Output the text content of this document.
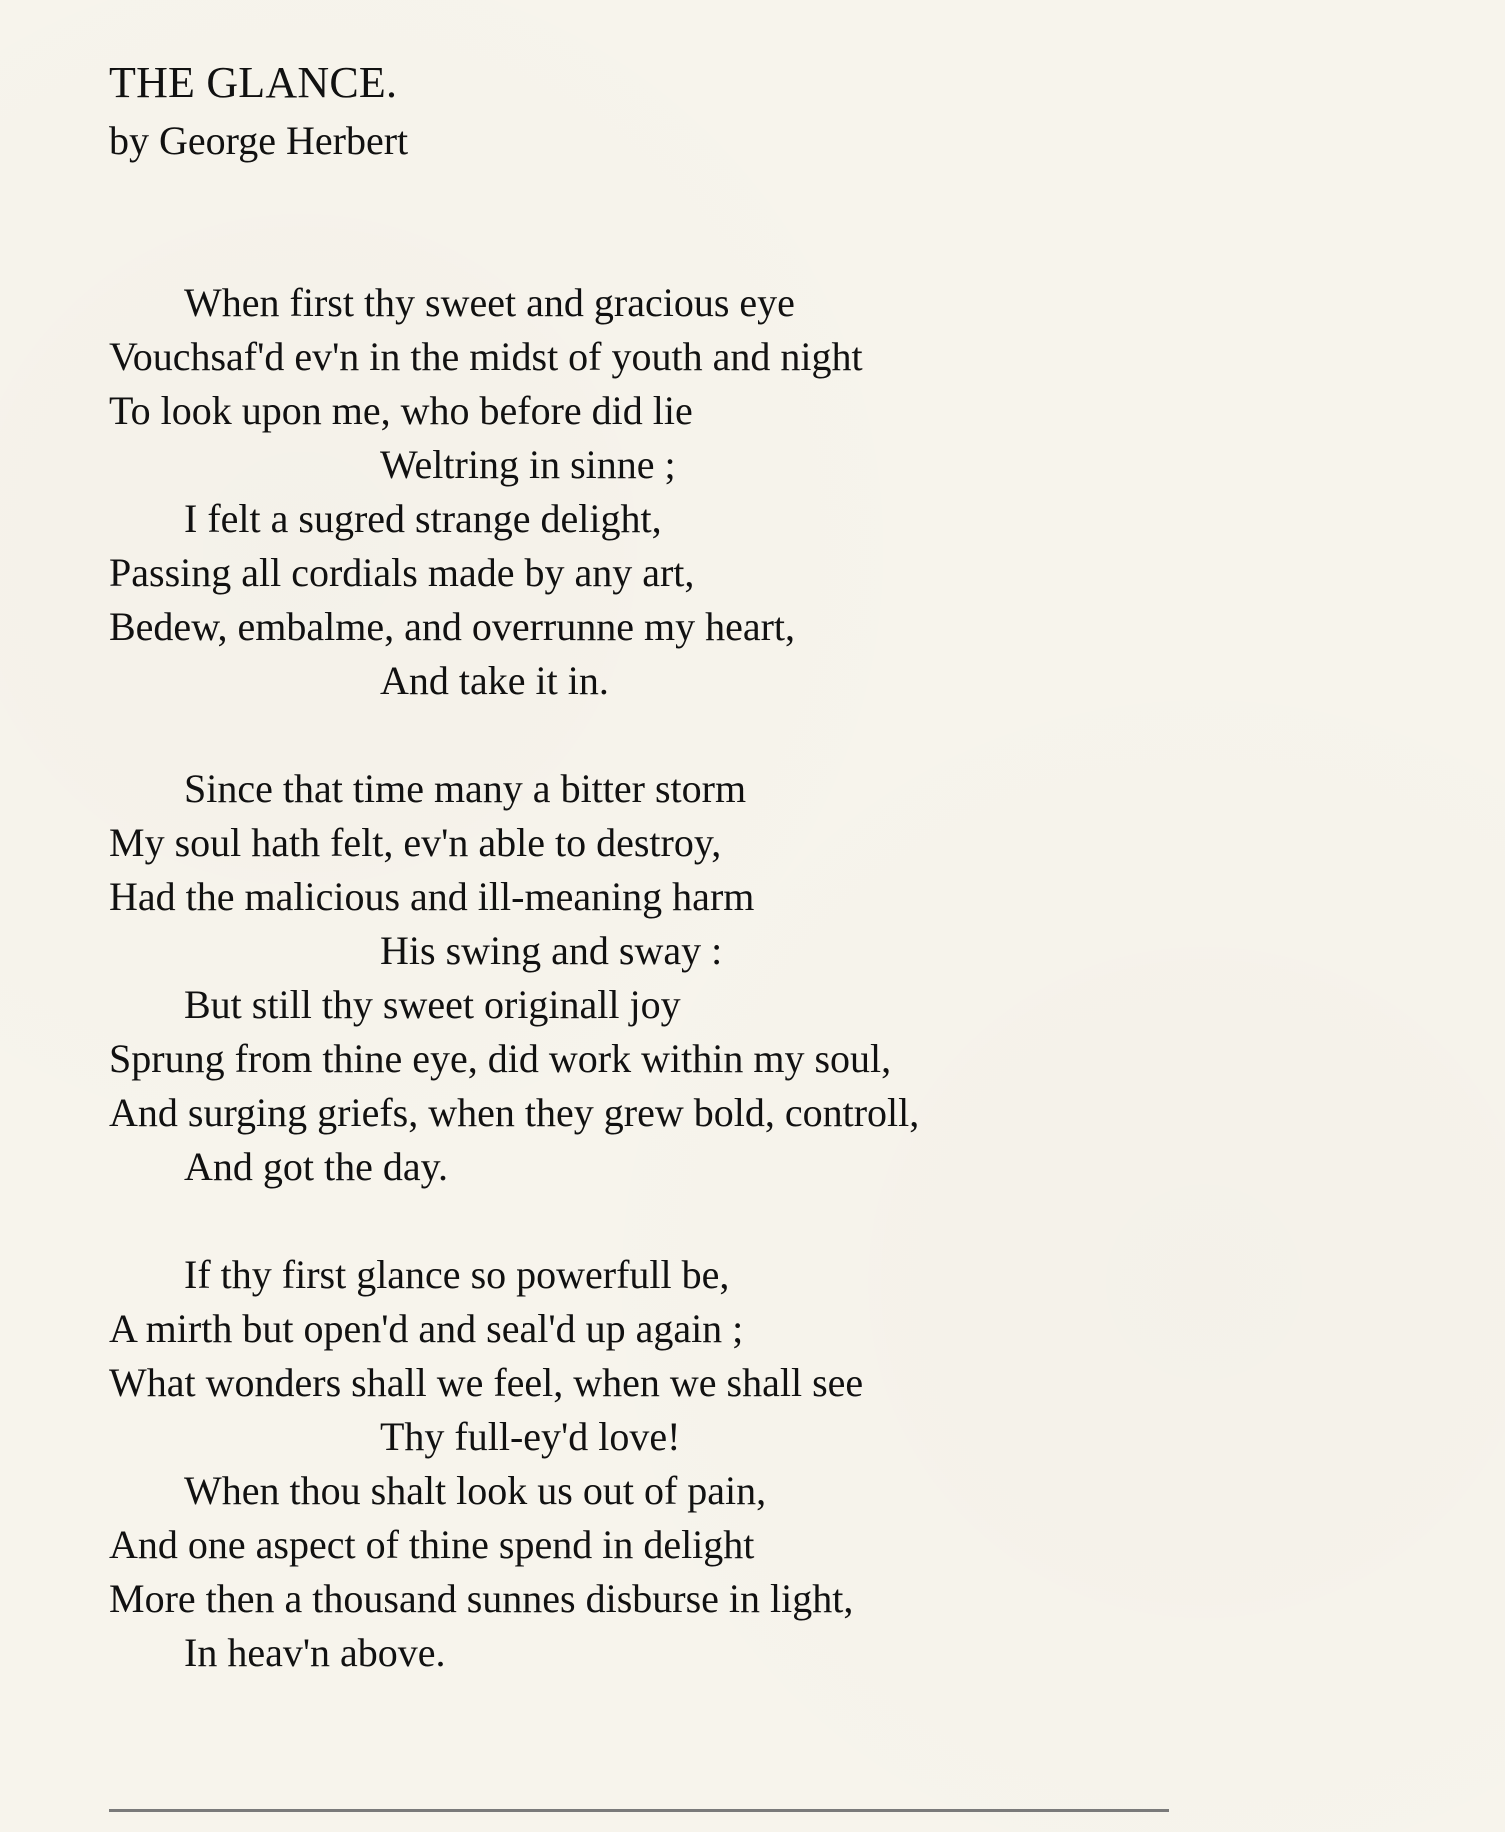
THE GLANCE.
by George Herbert
When first thy sweet and gracious eye
Vouchsaf'd ev'n in the midst of youth and night
To look upon me, who before did lie
Weltring in sinne ;
I felt a sugred strange delight,
Passing all cordials made by any art,
Bedew, embalme, and overrunne my heart,
And take it in.
Since that time many a bitter storm
My soul hath felt, ev'n able to destroy,
Had the malicious and ill-meaning harm
His swing and sway :
But still thy sweet originall joy
Sprung from thine eye, did work within my soul,
And surging griefs, when they grew bold, controll,
And got the day.
If thy first glance so powerfull be,
A mirth but open'd and seal'd up again ;
What wonders shall we feel, when we shall see
Thy full-ey'd love!
When thou shalt look us out of pain,
And one aspect of thine spend in delight
More then a thousand sunnes disburse in light,
In heav'n above.
